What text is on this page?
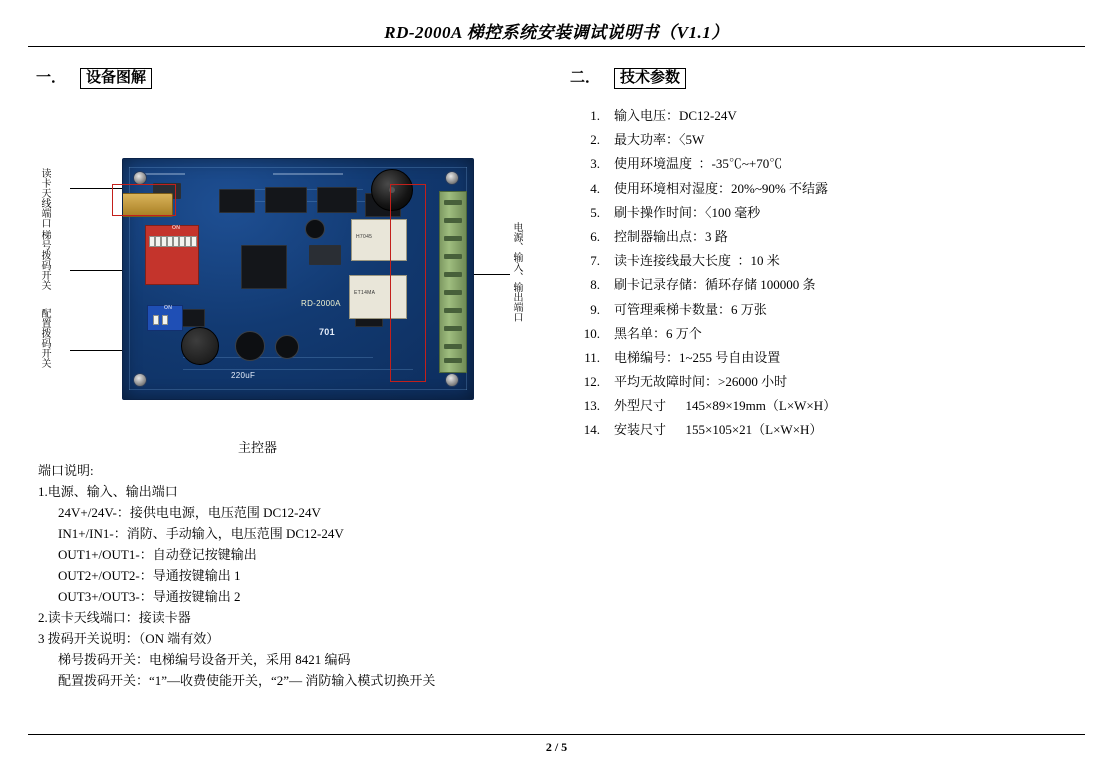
RD-2000A 梯控系统安装调试说明书（V1.1）
一． 设备图解	二． 技术参数
读卡天线端口
梯号拨码开关
配置拨码开关
电源、输入、输出端口
H7045
ET14MA
220uF
701
RD-2000A
ON
ON
主控器
1.	输入电压：DC12-24V
2.	最大功率：〈5W
3.	使用环境温度  ：-35℃~+70℃
4.	使用环境相对湿度：20%~90% 不结露
5.	刷卡操作时间：〈100 毫秒
6.	控制器输出点：3 路
7.	读卡连接线最大长度  ：10 米
8.	刷卡记录存储：循环存储 100000 条
9.	可管理乘梯卡数量：6 万张
10.	黑名单：6 万个
11.	电梯编号：1~255 号自由设置
12.	平均无故障时间：>26000 小时
13.	外型尺寸      145×89×19mm（L×W×H）
14.	安装尺寸      155×105×21（L×W×H）
端口说明:
1.电源、输入、输出端口
24V+/24V-：接供电电源，电压范围 DC12-24V
IN1+/IN1-：消防、手动输入，电压范围 DC12-24V
OUT1+/OUT1-：自动登记按键输出
OUT2+/OUT2-：导通按键输出 1
OUT3+/OUT3-：导通按键输出 2
2.读卡天线端口：接读卡器
3 拨码开关说明：（ON 端有效）
梯号拨码开关：电梯编号设备开关，采用 8421 编码
配置拨码开关：“1”—收费使能开关，“2”— 消防输入模式切换开关
2 / 5
